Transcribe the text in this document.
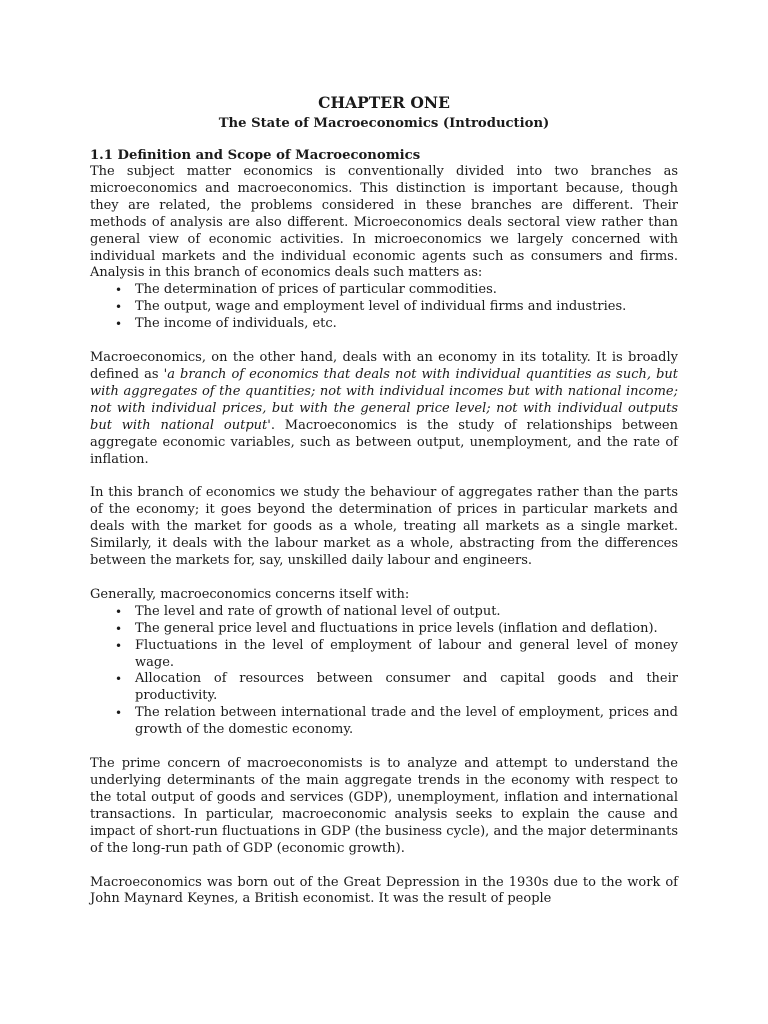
CHAPTER ONE
The State of Macroeconomics (Introduction)
1.1 Definition and Scope of Macroeconomics

The subject matter economics is conventionally divided into two branches as microeconomics and macroeconomics. This distinction is important because, though they are related, the problems considered in these branches are different. Their methods of analysis are also different. Microeconomics deals sectoral view rather than general view of economic activities. In microeconomics we largely concerned with individual markets and the individual economic agents such as consumers and firms. Analysis in this branch of economics deals such matters as:

• The determination of prices of particular commodities.
• The output, wage and employment level of individual firms and industries.
• The income of individuals, etc.

Macroeconomics, on the other hand, deals with an economy in its totality. It is broadly defined as 'a branch of economics that deals not with individual quantities as such, but with aggregates of the quantities; not with individual incomes but with national income; not with individual prices, but with the general price level; not with individual outputs but with national output'. Macroeconomics is the study of relationships between aggregate economic variables, such as between output, unemployment, and the rate of inflation.

In this branch of economics we study the behaviour of aggregates rather than the parts of the economy; it goes beyond the determination of prices in particular markets and deals with the market for goods as a whole, treating all markets as a single market. Similarly, it deals with the labour market as a whole, abstracting from the differences between the markets for, say, unskilled daily labour and engineers.

Generally, macroeconomics concerns itself with:

• The level and rate of growth of national level of output.
• The general price level and fluctuations in price levels (inflation and deflation).
• Fluctuations in the level of employment of labour and general level of money wage.
• Allocation of resources between consumer and capital goods and their productivity.
• The relation between international trade and the level of employment, prices and growth of the domestic economy.

The prime concern of macroeconomists is to analyze and attempt to understand the underlying determinants of the main aggregate trends in the economy with respect to the total output of goods and services (GDP), unemployment, inflation and international transactions. In particular, macroeconomic analysis seeks to explain the cause and impact of short-run fluctuations in GDP (the business cycle), and the major determinants of the long-run path of GDP (economic growth).

Macroeconomics was born out of the Great Depression in the 1930s due to the work of John Maynard Keynes, a British economist. It was the result of people
